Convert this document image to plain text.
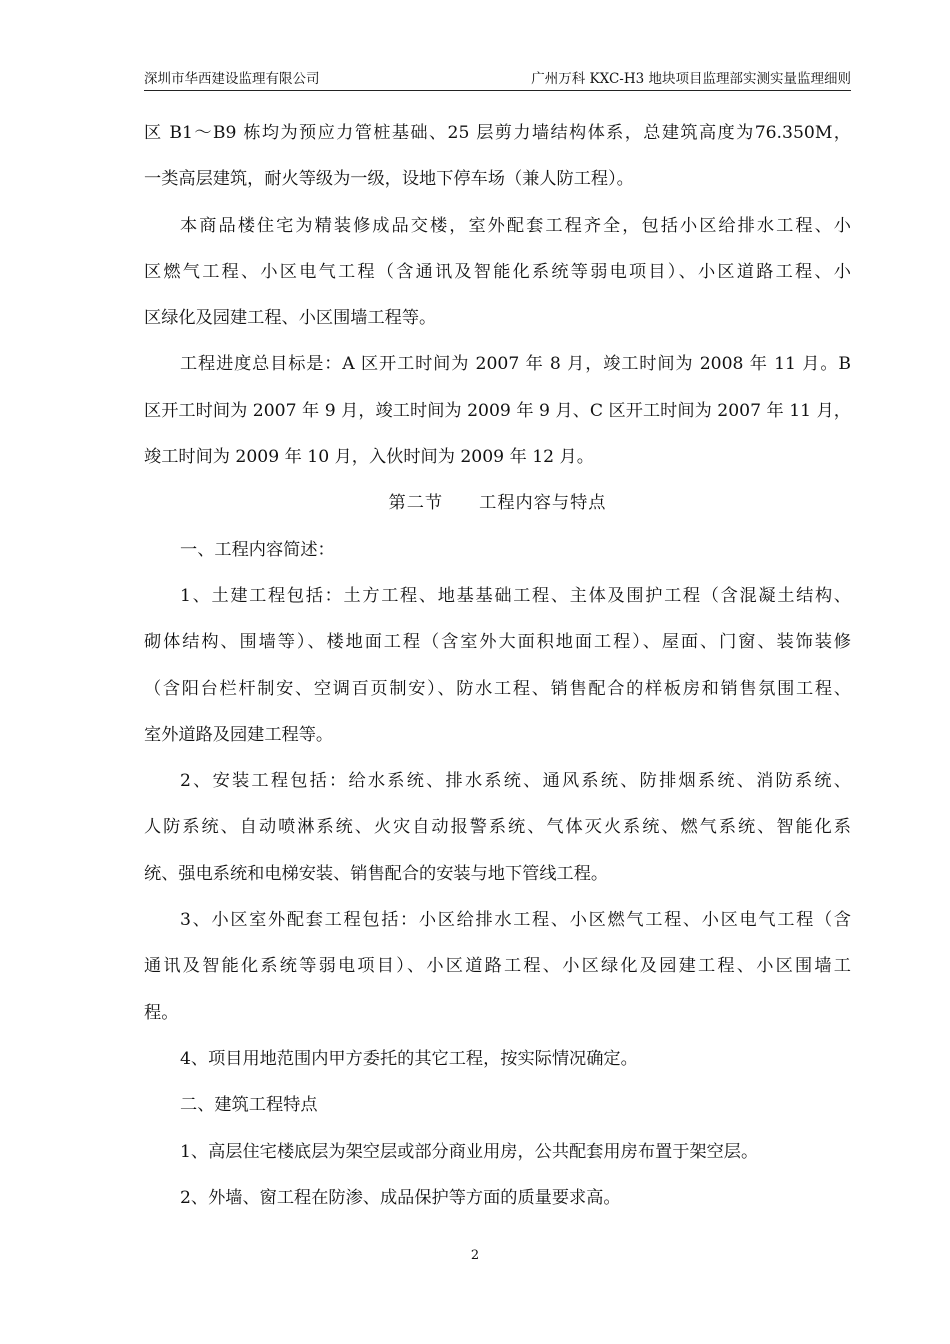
深圳市华西建设监理有限公司	广州万科 KXC-H3 地块项目监理部实测实量监理细则
区 B1～B9 栋均为预应力管桩基础、25 层剪力墙结构体系，总建筑高度为76.350M，
一类高层建筑，耐火等级为一级，设地下停车场（兼人防工程）。
本商品楼住宅为精装修成品交楼，室外配套工程齐全，包括小区给排水工程、小
区燃气工程、小区电气工程（含通讯及智能化系统等弱电项目）、小区道路工程、小
区绿化及园建工程、小区围墙工程等。
工程进度总目标是：A 区开工时间为 2007 年 8 月，竣工时间为 2008 年 11 月。B
区开工时间为 2007 年 9 月，竣工时间为 2009 年 9 月、C 区开工时间为 2007 年 11 月，
竣工时间为 2009 年 10 月，入伙时间为 2009 年 12 月。
第二节 工程内容与特点
一、工程内容简述：
1、土建工程包括：土方工程、地基基础工程、主体及围护工程（含混凝土结构、
砌体结构、围墙等）、楼地面工程（含室外大面积地面工程）、屋面、门窗、装饰装修
（含阳台栏杆制安、空调百页制安）、防水工程、销售配合的样板房和销售氛围工程、
室外道路及园建工程等。
2、安装工程包括：给水系统、排水系统、通风系统、防排烟系统、消防系统、
人防系统、自动喷淋系统、火灾自动报警系统、气体灭火系统、燃气系统、智能化系
统、强电系统和电梯安装、销售配合的安装与地下管线工程。
3、小区室外配套工程包括：小区给排水工程、小区燃气工程、小区电气工程（含
通讯及智能化系统等弱电项目）、小区道路工程、小区绿化及园建工程、小区围墙工
程。
4、项目用地范围内甲方委托的其它工程，按实际情况确定。
二、建筑工程特点
1、高层住宅楼底层为架空层或部分商业用房，公共配套用房布置于架空层。
2、外墙、窗工程在防渗、成品保护等方面的质量要求高。
2
